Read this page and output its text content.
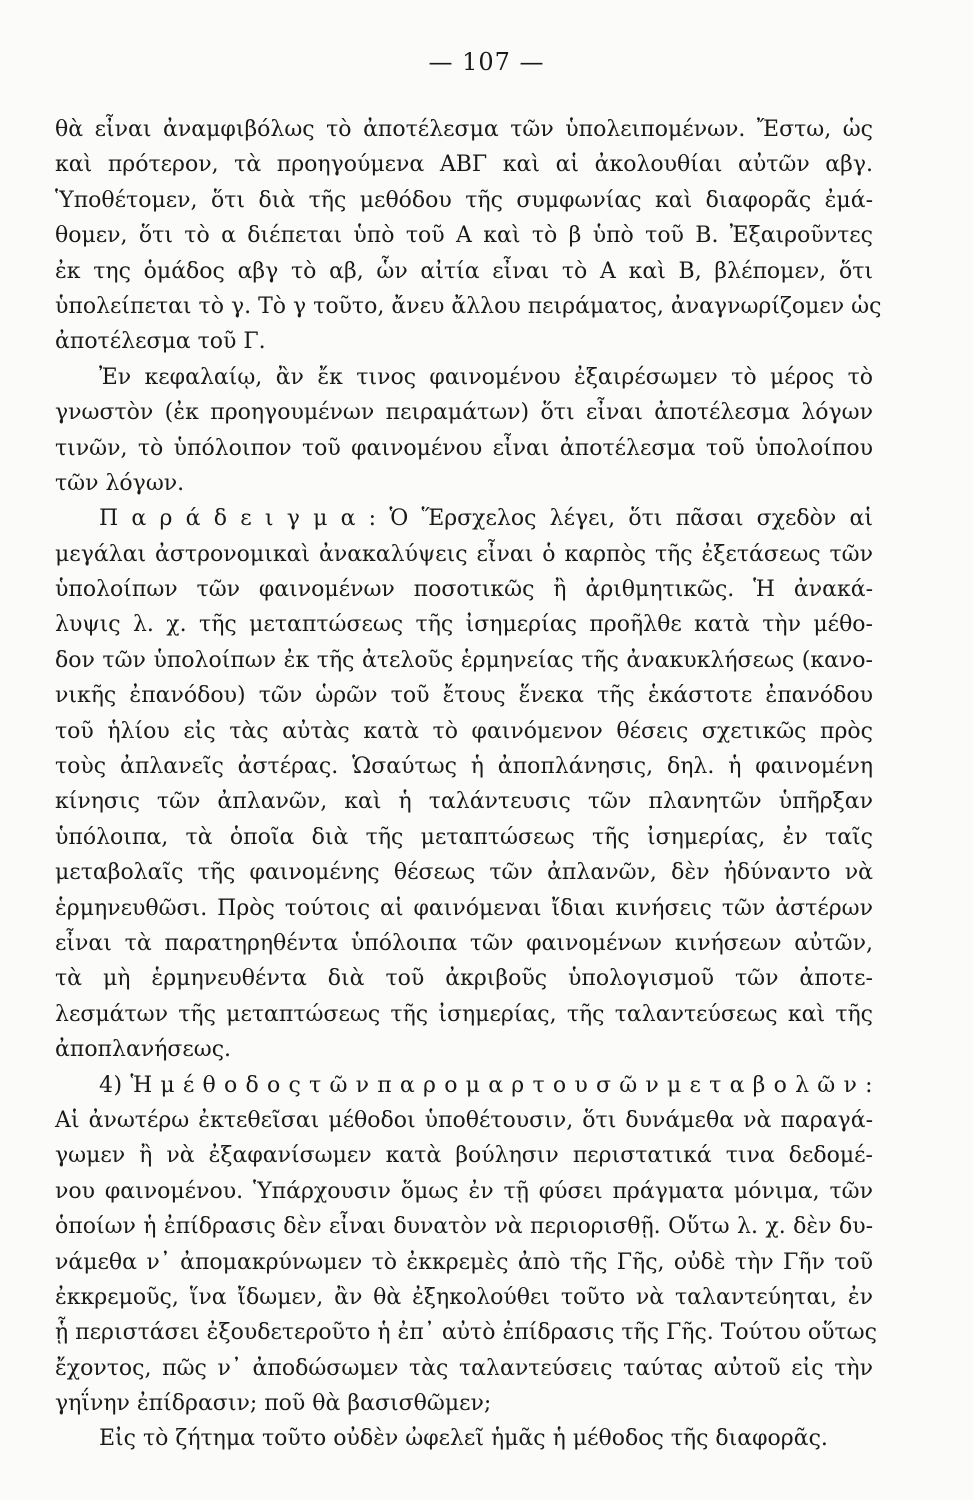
— 107 —
θὰ εἶναι ἀναμφιβόλως τὸ ἀποτέλεσμα τῶν ὑπολειπομένων. Ἔστω, ὡς
καὶ πρότερον, τὰ προηγούμενα ΑΒΓ καὶ αἱ ἀκολουθίαι αὐτῶν αβγ.
Ὑποθέτομεν, ὅτι διὰ τῆς μεθόδου τῆς συμφωνίας καὶ διαφορᾶς ἐμά-
θομεν, ὅτι τὸ α διέπεται ὑπὸ τοῦ Α καὶ τὸ β ὑπὸ τοῦ Β. Ἐξαιροῦντες
ἐκ της ὁμάδος αβγ τὸ αβ, ὧν αἰτία εἶναι τὸ Α καὶ Β, βλέπομεν, ὅτι
ὑπολείπεται τὸ γ. Τὸ γ τοῦτο, ἄνευ ἄλλου πειράματος, ἀναγνωρίζομεν ὡς
ἀποτέλεσμα τοῦ Γ.
Ἐν κεφαλαίῳ, ἂν ἔκ τινος φαινομένου ἐξαιρέσωμεν τὸ μέρος τὸ
γνωστὸν (ἐκ προηγουμένων πειραμάτων) ὅτι εἶναι ἀποτέλεσμα λόγων
τινῶν, τὸ ὑπόλοιπον τοῦ φαινομένου εἶναι ἀποτέλεσμα τοῦ ὑπολοίπου
τῶν λόγων.
Π α ρ ά δ ε ι γ μ α : Ὁ Ἕρσχελος λέγει, ὅτι πᾶσαι σχεδὸν αἱ
μεγάλαι ἀστρονομικαὶ ἀνακαλύψεις εἶναι ὁ καρπὸς τῆς ἐξετάσεως τῶν
ὑπολοίπων τῶν φαινομένων ποσοτικῶς ἢ ἀριθμητικῶς. Ἡ ἀνακά-
λυψις λ. χ. τῆς μεταπτώσεως τῆς ἰσημερίας προῆλθε κατὰ τὴν μέθο-
δον τῶν ὑπολοίπων ἐκ τῆς ἀτελοῦς ἑρμηνείας τῆς ἀνακυκλήσεως (κανο-
νικῆς ἐπανόδου) τῶν ὡρῶν τοῦ ἔτους ἕνεκα τῆς ἑκάστοτε ἐπανόδου
τοῦ ἡλίου εἰς τὰς αὐτὰς κατὰ τὸ φαινόμενον θέσεις σχετικῶς πρὸς
τοὺς ἀπλανεῖς ἀστέρας. Ὡσαύτως ἡ ἀποπλάνησις, δηλ. ἡ φαινομένη
κίνησις τῶν ἀπλανῶν, καὶ ἡ ταλάντευσις τῶν πλανητῶν ὑπῆρξαν
ὑπόλοιπα, τὰ ὁποῖα διὰ τῆς μεταπτώσεως τῆς ἰσημερίας, ἐν ταῖς
μεταβολαῖς τῆς φαινομένης θέσεως τῶν ἀπλανῶν, δὲν ἠδύναντο νὰ
ἑρμηνευθῶσι. Πρὸς τούτοις αἱ φαινόμεναι ἴδιαι κινήσεις τῶν ἀστέρων
εἶναι τὰ παρατηρηθέντα ὑπόλοιπα τῶν φαινομένων κινήσεων αὐτῶν,
τὰ μὴ ἑρμηνευθέντα διὰ τοῦ ἀκριβοῦς ὑπολογισμοῦ τῶν ἀποτε-
λεσμάτων τῆς μεταπτώσεως τῆς ἰσημερίας, τῆς ταλαντεύσεως καὶ τῆς
ἀποπλανήσεως.
4) Ἡ μ έ θ ο δ ο ς τ ῶ ν π α ρ ο μ α ρ τ ο υ σ ῶ ν μ ε τ α β ο λ ῶ ν :
Αἱ ἀνωτέρω ἐκτεθεῖσαι μέθοδοι ὑποθέτουσιν, ὅτι δυνάμεθα νὰ παραγά-
γωμεν ἢ νὰ ἐξαφανίσωμεν κατὰ βούλησιν περιστατικά τινα δεδομέ-
νου φαινομένου. Ὑπάρχουσιν ὅμως ἐν τῇ φύσει πράγματα μόνιμα, τῶν
ὁποίων ἡ ἐπίδρασις δὲν εἶναι δυνατὸν νὰ περιορισθῇ. Οὕτω λ. χ. δὲν δυ-
νάμεθα ν᾽ ἀπομακρύνωμεν τὸ ἐκκρεμὲς ἀπὸ τῆς Γῆς, οὐδὲ τὴν Γῆν τοῦ
ἐκκρεμοῦς, ἵνα ἴδωμεν, ἂν θὰ ἐξηκολούθει τοῦτο νὰ ταλαντεύηται, ἐν
ᾗ περιστάσει ἐξουδετεροῦτο ἡ ἐπ᾽ αὐτὸ ἐπίδρασις τῆς Γῆς. Τούτου οὕτως
ἔχοντος, πῶς ν᾽ ἀποδώσωμεν τὰς ταλαντεύσεις ταύτας αὐτοῦ εἰς τὴν
γηΐνην ἐπίδρασιν; ποῦ θὰ βασισθῶμεν;
Εἰς τὸ ζήτημα τοῦτο οὐδὲν ὠφελεῖ ἡμᾶς ἡ μέθοδος τῆς διαφορᾶς.
